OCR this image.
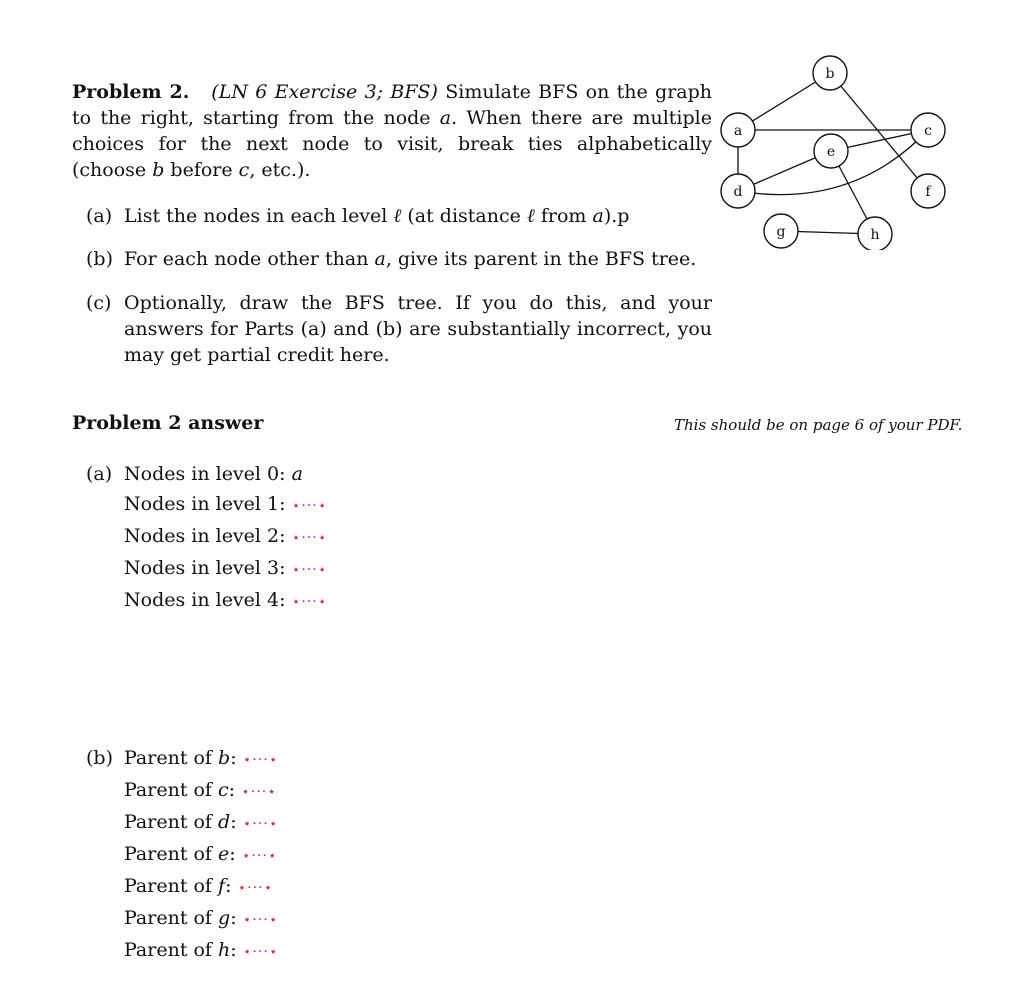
Problem 2. (LN 6 Exercise 3; BFS) Simulate BFS on the graph to the right, starting from the node a. When there are multiple choices for the next node to visit, break ties alphabetically (choose b before c, etc.).
(a) List the nodes in each level ℓ (at distance ℓ from a).p
(b) For each node other than a, give its parent in the BFS tree.
(c) Optionally, draw the BFS tree. If you do this, and your answers for Parts (a) and (b) are substantially incorrect, you may get partial credit here.
b
a	c
e
d	f
g	h
Problem 2 answer	This should be on page 6 of your PDF.
(a) Nodes in level 0: a
Nodes in level 1: ⋆···⋆
Nodes in level 2: ⋆···⋆
Nodes in level 3: ⋆···⋆
Nodes in level 4: ⋆···⋆
(b) Parent of b: ⋆···⋆
Parent of c: ⋆···⋆
Parent of d: ⋆···⋆
Parent of e: ⋆···⋆
Parent of f: ⋆···⋆
Parent of g: ⋆···⋆
Parent of h: ⋆···⋆
